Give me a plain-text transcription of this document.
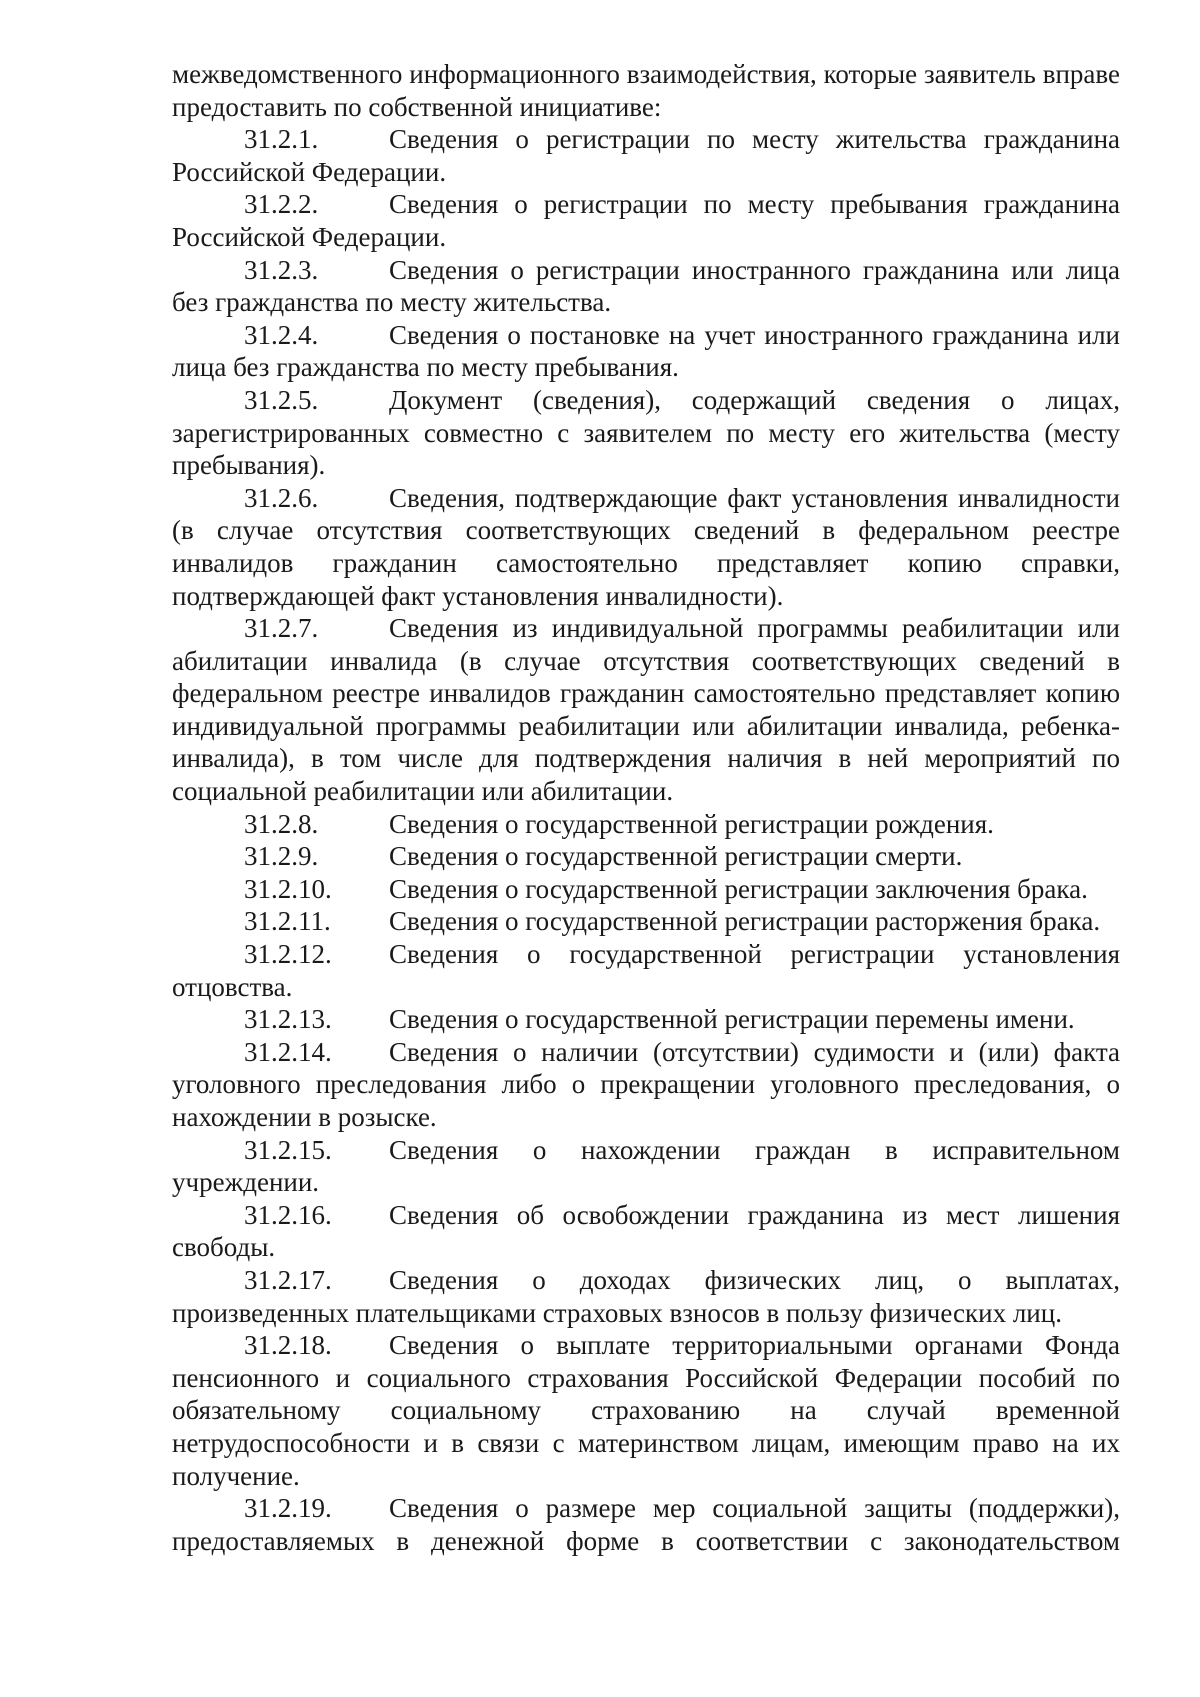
межведомственного информационного взаимодействия, которые заявитель вправе предоставить по собственной инициативе:

31.2.1.	Сведения о регистрации по месту жительства гражданина Российской Федерации.

31.2.2.	Сведения о регистрации по месту пребывания гражданина Российской Федерации.

31.2.3.	Сведения о регистрации иностранного гражданина или лица без гражданства по месту жительства.

31.2.4.	Сведения о постановке на учет иностранного гражданина или лица без гражданства по месту пребывания.

31.2.5.	Документ (сведения), содержащий сведения о лицах, зарегистрированных совместно с заявителем по месту его жительства (месту пребывания).

31.2.6.	Сведения, подтверждающие факт установления инвалидности (в случае отсутствия соответствующих сведений в федеральном реестре инвалидов гражданин самостоятельно представляет копию справки, подтверждающей факт установления инвалидности).

31.2.7.	Сведения из индивидуальной программы реабилитации или абилитации инвалида (в случае отсутствия соответствующих сведений в федеральном реестре инвалидов гражданин самостоятельно представляет копию индивидуальной программы реабилитации или абилитации инвалида, ребенка-инвалида), в том числе для подтверждения наличия в ней мероприятий по социальной реабилитации или абилитации.

31.2.8.	Сведения о государственной регистрации рождения.

31.2.9.	Сведения о государственной регистрации смерти.

31.2.10. Сведения о государственной регистрации заключения брака.

31.2.11. Сведения о государственной регистрации расторжения брака.

31.2.12. Сведения о государственной регистрации установления отцовства.

31.2.13. Сведения о государственной регистрации перемены имени.

31.2.14. Сведения о наличии (отсутствии) судимости и (или) факта уголовного преследования либо о прекращении уголовного преследования, о нахождении в розыске.

31.2.15. Сведения о нахождении граждан в исправительном учреждении.

31.2.16. Сведения об освобождении гражданина из мест лишения свободы.

31.2.17. Сведения о доходах физических лиц, о выплатах, произведенных плательщиками страховых взносов в пользу физических лиц.

31.2.18. Сведения о выплате территориальными органами Фонда пенсионного и социального страхования Российской Федерации пособий по обязательному социальному страхованию на случай временной нетрудоспособности и в связи с материнством лицам, имеющим право на их получение.

31.2.19. Сведения о размере мер социальной защиты (поддержки), предоставляемых в денежной форме в соответствии с законодательством
